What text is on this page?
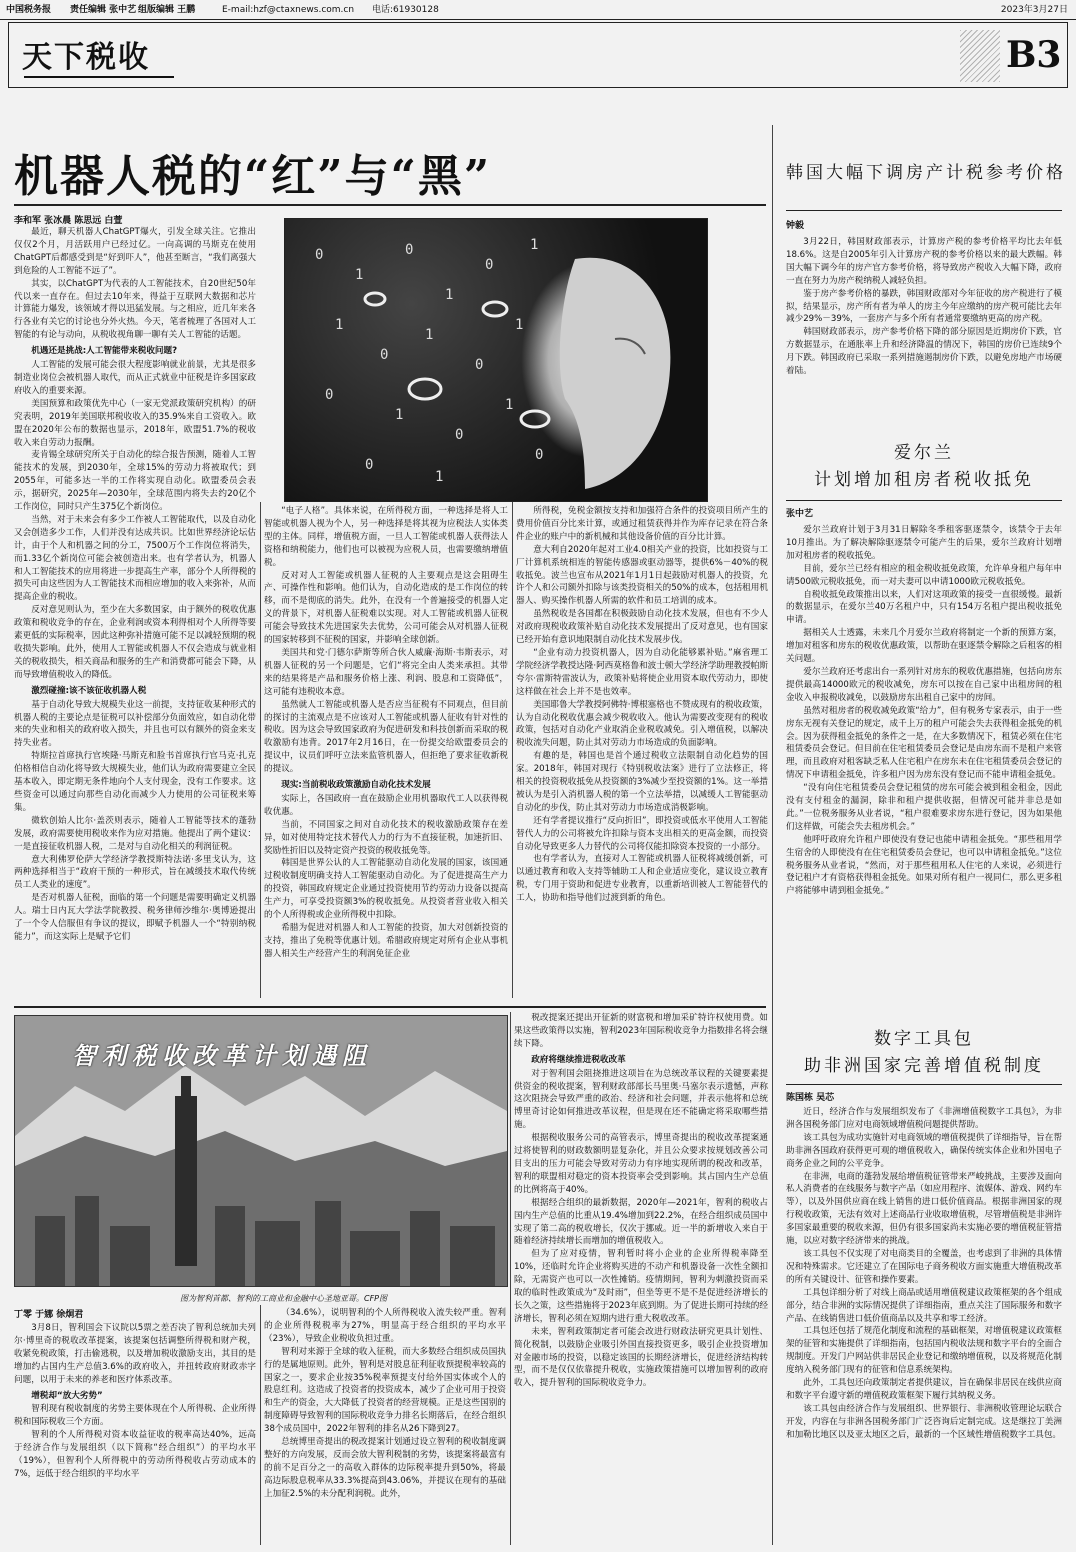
中国税务报 责任编辑 张中艺 组版编辑 王鹏	E-mail:hzf@ctaxnews.com.cn 电话:61930128	2023年3月27日
天下税收	B3
机器人税的“红”与“黑”
李和军 张冰晨 陈思远 白萱
0
1
0
1
0
1
1
0
1
0
1
0
1
0
1
0
1
0

最近，聊天机器人ChatGPT爆火，引发全球关注。它推出仅仅2个月，月活跃用户已经过亿。一向高调的马斯克在使用ChatGPT后都感受到是“好到吓人”，他甚至断言，“我们离强大到危险的人工智能不远了”。

其实，以ChatGPT为代表的人工智能技术，自20世纪50年代以来一直存在。但过去10年来，得益于互联网大数据和芯片计算能力爆发，该领域才得以迅猛发展。与之相应，近几年来各行各业有关它的讨论也分外火热。今天，笔者梳理了各国对人工智能的有论与动向，从税收视角聊一聊有关人工智能的话题。

机遇还是挑战:人工智能带来税收问题?

人工智能的发展可能会很大程度影响就业前景，尤其是很多制造业岗位会被机器人取代，而从正式就业中征税是许多国家政府收入的重要来源。

美国预算和政策优先中心（一家无党派政策研究机构）的研究表明，2019年美国联邦税收收入的35.9%来自工资收入。欧盟在2020年公布的数据也显示，2018年，欧盟51.7%的税收收入来自劳动力报酬。

麦肯锡全球研究所关于自动化的综合报告预测，随着人工智能技术的发展，到2030年，全球15%的劳动力将被取代；到2055年，可能多达一半的工作将实现自动化。欧盟委员会表示，据研究，2025年—2030年，全球范围内将失去约20亿个工作岗位，同时只产生375亿个新岗位。

当然，对于未来会有多少工作被人工智能取代，以及自动化又会创造多少工作，人们并没有达成共识。比如世界经济论坛估计，由于个人和机器之间的分工，7500万个工作岗位将消失，而1.33亿个新岗位可能会被创造出来。也有学者认为，机器人和人工智能技术的应用将进一步提高生产率，部分个人所得税的损失可由这些因为人工智能技术而相应增加的收入来弥补，从而提高企业的税收。

反对意见则认为，至少在大多数国家，由于额外的税收优惠政策和税收竞争的存在，企业利润或资本利得相对个人所得等要素更低的实际税率，因此这种弥补措施可能不足以减轻预期的税收损失影响。此外，使用人工智能或机器人不仅会造成与就业相关的税收损失，相关商品和服务的生产和消费都可能会下降，从而导致增值税收入的降低。

激烈碰撞:该不该征收机器人税

基于自动化导致大规模失业这一前提，支持征收某种形式的机器人税的主要论点是征税可以补偿部分负面效应，如自动化带来的失业和相关的政府收入损失，并且也可以有额外的资金来支持失业者。

特斯拉首席执行官埃隆·马斯克和脸书首席执行官马克·扎克伯格相信自动化将导致大规模失业，他们认为政府需要建立全民基本收入，即定期无条件地向个人支付现金，没有工作要求。这些资金可以通过向那些自动化而减少人力使用的公司征税来筹集。

微软创始人比尔·盖茨则表示，随着人工智能等技术的蓬勃发展，政府需要使用税收来作为应对措施。他提出了两个建议：一是直接征收机器人税，二是对与自动化相关的利润征税。

意大利佛罗伦萨大学经济学教授斯特法诺·多里戈认为，这两种选择相当于“政府干预的一种形式，旨在减缓技术取代传统员工人类业的速度”。

是否对机器人征税，面临的第一个问题是需要明确定义机器人。瑞士日内瓦大学法学院教授、税务律师沙维尔·奥博逊提出了一个令人信服但有争议的提议，即赋予机器人一个“特别纳税能力”，而这实际上是赋予它们

“电子人格”。具体来说，在所得税方面，一种选择是将人工智能或机器人视为个人，另一种选择是将其视为应税法人实体类型的主体。同样，增值税方面，一旦人工智能或机器人获得法人资格和纳税能力，他们也可以被视为应税人员，也需要缴纳增值税。

反对对人工智能或机器人征税的人主要观点是这会阻碍生产、可操作性和影响。他们认为，自动化造成的是工作岗位的转移，而不是彻底的消失。此外，在没有一个普遍接受的机器人定义的背景下，对机器人征税难以实现。对人工智能或机器人征税可能会导致技术先进国家失去优势，公司可能会从对机器人征税的国家转移到不征税的国家，并影响全球创新。

美国共和党·门德尔萨斯等所合伙人威廉·海斯·韦斯表示，对机器人征税的另一个问题是，它们“将完全由人类来承担。其带来的结果将是产品和服务价格上涨、利润、股息和工资降低”，这可能有违税收本意。

虽然就人工智能或机器人是否应当征税有不同观点，但目前的探讨的主流观点是不应该对人工智能或机器人征收有针对性的税收。因为这会导致国家政府为促进研发和科技创新而采取的税收激励有违背。2017年2月16日，在一份提交给欧盟委员会的提议中，议员们呼吁立法来监管机器人，但拒绝了要求征收新税的提议。

现实:当前税收政策激励自动化技术发展

实际上，各国政府一直在鼓励企业用机器取代工人以获得税收优惠。

当前，不同国家之间对自动化技术的税收激励政策存在差异，如对使用特定技术替代人力的行为不直接征税，加速折旧、奖励性折旧以及特定资产投资的税收抵免等。

韩国是世界公认的人工智能驱动自动化发展的国家，该国通过税收制度明确支持人工智能驱动自动化。为了促进提高生产力的投资，韩国政府规定企业通过投资使用节约劳动力设备以提高生产力，可享受投资额3%的税收抵免。从投资者营业收入相关的个人所得税或企业所得税中扣除。

希腊为促进对机器人和人工智能的投资，加大对创新投资的支持，推出了免税等优惠计划。希腊政府规定对所有企业从事机器人相关生产经营产生的利润免征企业

所得税，免税金额按支持和加强符合条件的投资项目所产生的费用价值百分比来计算，或通过租赁获得并作为库存记录在符合条件企业的账户中的新机械和其他设备价值的百分比计算。

意大利自2020年起对工业4.0相关产业的投资，比如投资与工厂计算机系统相连的智能传感器或驱动器等，提供6%－40%的税收抵免。波兰也宣布从2021年1月1日起鼓励对机器人的投资，允许个人和公司额外扣除与该类投资相关的50%的成本，包括租用机器人、购买操作机器人所需的软件和员工培训的成本。

虽然税收是各国都在积极鼓励自动化技术发展，但也有不少人对政府现税收政策补贴自动化技术发展提出了反对意见，也有国家已经开始有意识地限制自动化技术发展步伐。

“企业有动力投资机器人，因为自动化能够累补贴。”麻省理工学院经济学教授达隆·阿西莫格鲁和波士顿大学经济学助理教授帕斯夸尔·雷斯特雷波认为，政策补贴将使企业用资本取代劳动力，即使这样做在社会上并不是也效率。

美国耶鲁大学教授阿佛特·博根塞格也不赞成现有的税收政策，认为自动化税收优惠会减少税收收入。他认为需要改变现有的税收政策，包括对自动化产业取消企业税收减免。引入增值税，以解决税收流失问题，防止其对劳动力市场造成的负面影响。

有趣的是，韩国也是首个通过税收立法限制自动化趋势的国家。2018年，韩国对现行《特别税收法案》进行了立法修正，将相关的投资税收抵免从投资额的3%减少至投资额的1%。这一举措被认为是引入消机器人税的第一个立法举措，以减缓人工智能驱动自动化的步伐，防止其对劳动力市场造成消极影响。

还有学者提议推行“反向折旧”，即投资或低水平使用人工智能替代人力的公司将被允许扣除与资本支出相关的更高金额，而投资自动化导致更多人力替代的公司将仅能扣除资本投资的一小部分。

也有学者认为，直接对人工智能或机器人征税将减缓创新，可以通过教育和收入支持等辅助工人和企业适应变化，建议设立教育税，专门用于资助和促进专业教育，以重新培训被人工智能替代的工人，协助和指导他们过渡到新的角色。

智利税收改革计划遇阻
图为智利首都、智利的工商业和金融中心圣地亚哥。CFP图

税改提案还提出开征新的财富税和增加采矿特许权使用费。如果这些政策得以实施，智利2023年国际税收竞争力指数排名将会继续下降。

政府将继续推进税收改革

对于智利国会阻挠推进这项旨在为总统改革议程的关键要素提供资金的税收提案，智利财政部部长马里奥·马塞尔表示遗憾，声称这次阻挠会导致严重的政治、经济和社会问题，并表示他将和总统博里奇讨论如何推进改革议程，但是现在还不能确定将采取哪些措施。

根据税收服务公司的高管表示，博里奇提出的税收改革提案通过将使智利的财政数额明显复杂化，并且公众要求按规划改善公司目支出的压力可能会导致对劳动力有序地实现所谓的税改和改革，智利的联盟相对稳定的资本投资率会受到影响。其占国内生产总值的比例将高于40%。

根据经合组织的最新数据，2020年—2021年，智利的税收占国内生产总值的比重从19.4%增加到22.2%，在经合组织成员国中实现了第二高的税收增长，仅次于挪威。近一半的新增收入来自于随着经济持续增长而增加的增值税收入。

但为了应对疫情，智利暂时将小企业的企业所得税率降至10%，还临时允许企业将购买进的不动产和机器设备一次性全额扣除，无需资产也可以一次性摊销。疫情期间，智利为刺激投资而采取的临时性政策成为“及时雨”，但坐等更不是不是促进经济增长的长久之策，这些措施将于2023年底到期。为了促进长期可持续的经济增长，智利必须在短期内进行重大税收改革。

未来，智利政策制定者可能会改进行财政法研究更具计划性、简化税制，以鼓励企业吸引外国直接投资更多，吸引企业投资增加对金融市场的投资，以稳定该国的长期经济增长，促进经济结构转型，而不是仅仅依靠提升税收，实施政策措施可以增加智利的政府收入，提升智利的国际税收竞争力。

丁零 于娜 徐炯君

3月8日，智利国会下议院以5票之差否决了智利总统加夫列尔·博里奇的税收改革提案，该提案包括调整所得税和财产税，收紧免税政策，打击偷逃税，以及增加税收激励支出，其目的是增加约占国内生产总值3.6%的政府收入，并扭转政府财政赤字问题，以用于未来的养老和医疗体系改革。

增税却“放大劣势”

智利现有税收制度的劣势主要体现在个人所得税、企业所得税和国际税收三个方面。

智利的个人所得税对资本收益征收的税率高达40%，远高于经济合作与发展组织（以下简称“经合组织”）的平均水平（19%），但智利个人所得税中的劳动所得税收占劳动成本的7%，远低于经合组织的平均水平

（34.6%），说明智利的个人所得税收入流失较严重。智利的企业所得税税率为27%，明显高于经合组织的平均水平（23%），导致企业税收负担过重。

智利对来源于全球的收入征税，而大多数经合组织成员国执行的是属地原则。此外，智利是对股息征利征收预提税率较高的国家之一，要求企业按35%税率预提支付给外国实体或个人的股息红利。这造成了投资者的投资成本，减少了企业可用于投资和生产的资金，大大降低了投资者的经营规模。正是这些国别的制度障碍导致智利的国际税收竞争力排名长期落后，在经合组织38个成员国中，2022年智利的排名从26下降到27。

总统博里奇提出的税改提案计划通过设立智利的税收制度调整好的方向发展，反而会放大智利税制的劣势，该提案将最富有的前不足百分之一的高收入群体的边际税率提升到50%，将最高边际股息税率从33.3%提高到43.06%，并提议在现有的基础上加征2.5%的未分配利润税。此外，

韩国大幅下调房产计税参考价格
钟毅

3月22日，韩国财政部表示，计算房产税的参考价格平均比去年低18.6%。这是自2005年引入计算房产税的参考价格以来的最大跌幅。韩国大幅下调今年的房产官方参考价格，将导致房产税收入大幅下降，政府一直在努力为房产税纳税人减轻负担。

鉴于房产参考价格的暴跌，韩国财政部对今年征收的房产税进行了模拟，结果显示，房产所有者为单人的房主今年应缴纳的房产税可能比去年减少29%－39%，一套房产与多个所有者通常要缴纳更高的房产税。

韩国财政部表示，房产参考价格下降的部分原因是近期房价下跌，官方数据显示，在通胀率上升和经济降温的情况下，韩国的房价已连续9个月下跌。韩国政府已采取一系列措施遏制房价下跌，以避免房地产市场硬着陆。

爱尔兰
计划增加租房者税收抵免
张中艺

爱尔兰政府计划于3月31日解除冬季租客驱逐禁令，该禁令于去年10月推出。为了解决解除驱逐禁令可能产生的后果，爱尔兰政府计划增加对租房者的税收抵免。

目前，爱尔兰已经有相应的租金税收抵免政策，允许单身租户每年申请500欧元税收抵免，而一对夫妻可以申请1000欧元税收抵免。

自税收抵免政策推出以来，人们对这项政策的接受一直很缓慢。最新的数据显示，在爱尔兰40万名租户中，只有154万名租户提出税收抵免申请。

据相关人士透露，未来几个月爱尔兰政府将制定一个新的预算方案，增加对租客和房东的税收优惠政策，以帮助在驱逐禁令解除之后租客的相关问题。

爱尔兰政府还考虑出台一系列针对房东的税收优惠措施，包括向房东提供最高14000欧元的税收减免，房东可以按在自己家中出租房间的租金收入申报税收减免，以鼓励房东出租自己家中的房间。

虽然对租房者的税收减免政策“给力”，但有税务专家表示，由于一些房东无视有关登记的规定，成千上万的租户可能会失去获得租金抵免的机会。因为获得租金抵免的条件之一是，在大多数情况下，租赁必须在住宅租赁委员会登记。但目前在住宅租赁委员会登记是由房东而不是租户来管理，而且政府对租客缺乏私人住宅租户在房东未在住宅租赁委员会登记的情况下申请租金抵免，许多租户因为房东没有登记而不能申请租金抵免。

“没有向住宅租赁委员会登记租赁的房东可能会被到租金租金，因此没有支付租金的漏洞，除非和租户提供收据，但情况可能并非总是如此。”一位税务服务从业者说，“租户很难要求房东进行登记，因为如果他们这样做，可能会失去租房机会。”

他呼吁政府允许租户即使没有登记也能申请租金抵免。“那些租用学生宿舍的人即使没有在住宅租赁委员会登记，也可以申请租金抵免。”这位税务服务从业者说，“然而，对于那些租用私人住宅的人来说，必须进行登记租户才有资格获得租金抵免。如果对所有租户一视同仁，那么更多租户将能够申请到租金抵免。”

数字工具包
助非洲国家完善增值税制度
陈国栋 吴芯

近日，经济合作与发展组织发布了《非洲增值税数字工具包》，为非洲各国税务部门应对电商领域增值税问题提供帮助。

该工具包为成功实施针对电商领域的增值税提供了详细指导，旨在帮助非洲各国政府获得更可观的增值税收入，确保传统实体企业和外国电子商务企业之间的公平竞争。

在非洲，电商的蓬勃发展给增值税征管带来严峻挑战，主要涉及面向私人消费者的在线服务与数字产品（如应用程序、流媒体、游戏、网约车等），以及外国供应商在线上销售的进口低价值商品。根据非洲国家的现行税收政策，无法有效对上述商品行业收取增值税，尽管增值税是非洲许多国家最重要的税收来源，但仍有很多国家尚未实施必要的增值税征管措施，以应对数字经济带来的挑战。

该工具包不仅实现了对电商类目的全覆盖，也考虑到了非洲的具体情况和特殊需求。它还建立了在国际电子商务税收方面实施重大增值税改革的所有关键设计、征管和操作要素。

工具包详细分析了对线上商品或适用增值税建议政策框架的各个组成部分，结合非洲的实际情况提供了详细指南，重点关注了国际服务和数字产品、在线销售进口低价值商品以及共享和零工经济。

工具包还包括了规范化制度和流程的基础框架，对增值税建议政策框架的征管和实施提供了详细指南，包括国内税收法规和数字平台的全面合规制度。开发门户网站供非居民企业登记和缴纳增值税，以及将规范化制度纳入税务部门现有的征管和信息系统架构。

此外，工具包还向政策制定者提供建议，旨在确保非居民在线供应商和数字平台遵守新的增值税政策框架下履行其纳税义务。

该工具包由经济合作与发展组织、世界银行、非洲税收管理论坛联合开发，内容在与非洲各国税务部门广泛咨询后定制完成。这是继拉丁美洲和加勒比地区以及亚太地区之后，最新的一个区域性增值税数字工具包。
